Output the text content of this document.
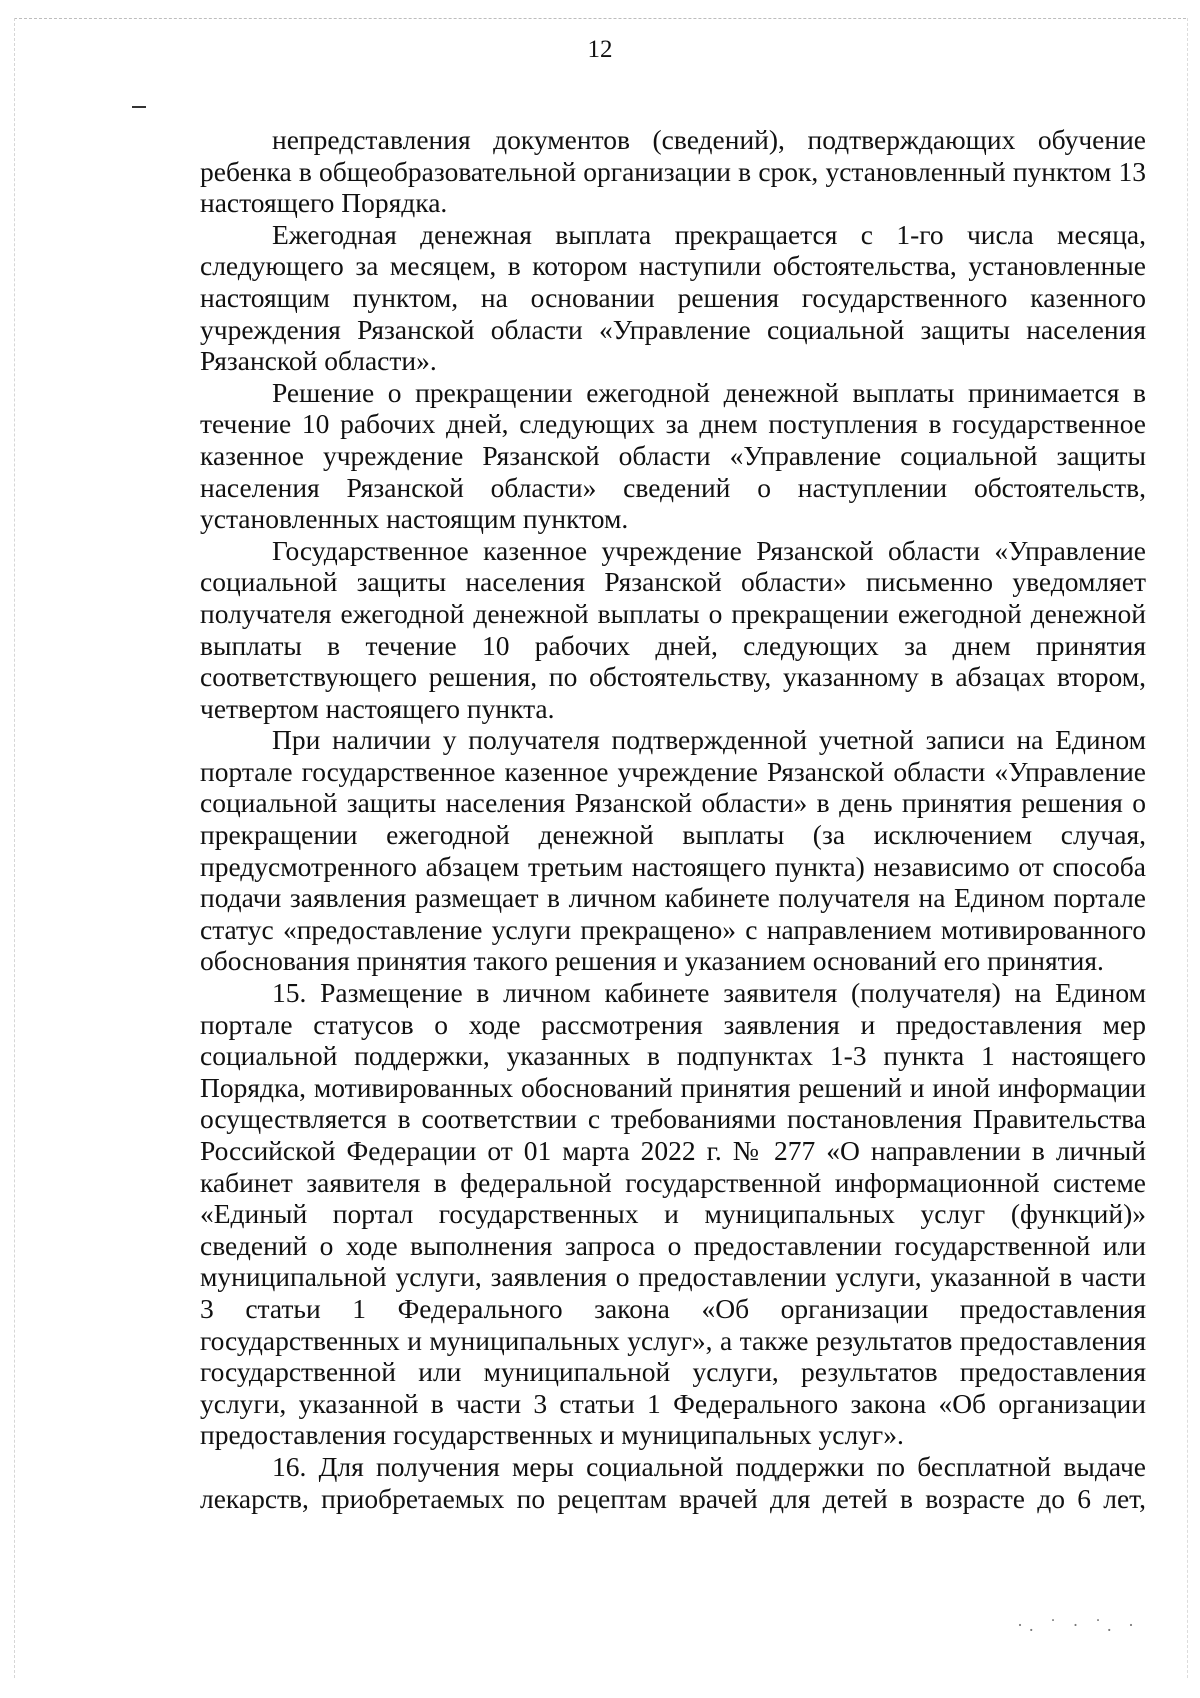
12

непредставления документов (сведений), подтверждающих обучение ребенка в общеобразовательной организации в срок, установленный пунктом 13 настоящего Порядка.

Ежегодная денежная выплата прекращается с 1-го числа месяца, следующего за месяцем, в котором наступили обстоятельства, установленные настоящим пунктом, на основании решения государственного казенного учреждения Рязанской области «Управление социальной защиты населения Рязанской области».

Решение о прекращении ежегодной денежной выплаты принимается в течение 10 рабочих дней, следующих за днем поступления в государственное казенное учреждение Рязанской области «Управление социальной защиты населения Рязанской области» сведений о наступлении обстоятельств, установленных настоящим пунктом.

Государственное казенное учреждение Рязанской области «Управление социальной защиты населения Рязанской области» письменно уведомляет получателя ежегодной денежной выплаты о прекращении ежегодной денежной выплаты в течение 10 рабочих дней, следующих за днем принятия соответствующего решения, по обстоятельству, указанному в абзацах втором, четвертом настоящего пункта.

При наличии у получателя подтвержденной учетной записи на Едином портале государственное казенное учреждение Рязанской области «Управление социальной защиты населения Рязанской области» в день принятия решения о прекращении ежегодной денежной выплаты (за исключением случая, предусмотренного абзацем третьим настоящего пункта) независимо от способа подачи заявления размещает в личном кабинете получателя на Едином портале статус «предоставление услуги прекращено» с направлением мотивированного обоснования принятия такого решения и указанием оснований его принятия.

15. Размещение в личном кабинете заявителя (получателя) на Едином портале статусов о ходе рассмотрения заявления и предоставления мер социальной поддержки, указанных в подпунктах 1-3 пункта 1 настоящего Порядка, мотивированных обоснований принятия решений и иной информации осуществляется в соответствии с требованиями постановления Правительства Российской Федерации от 01 марта 2022 г. № 277 «О направлении в личный кабинет заявителя в федеральной государственной информационной системе «Единый портал государственных и муниципальных услуг (функций)» сведений о ходе выполнения запроса о предоставлении государственной или муниципальной услуги, заявления о предоставлении услуги, указанной в части 3 статьи 1 Федерального закона «Об организации предоставления государственных и муниципальных услуг», а также результатов предоставления государственной или муниципальной услуги, результатов предоставления услуги, указанной в части 3 статьи 1 Федерального закона «Об организации предоставления государственных и муниципальных услуг».

16. Для получения меры социальной поддержки по бесплатной выдаче лекарств, приобретаемых по рецептам врачей для детей в возрасте до 6 лет,

·. ˙ · ˙. ·
